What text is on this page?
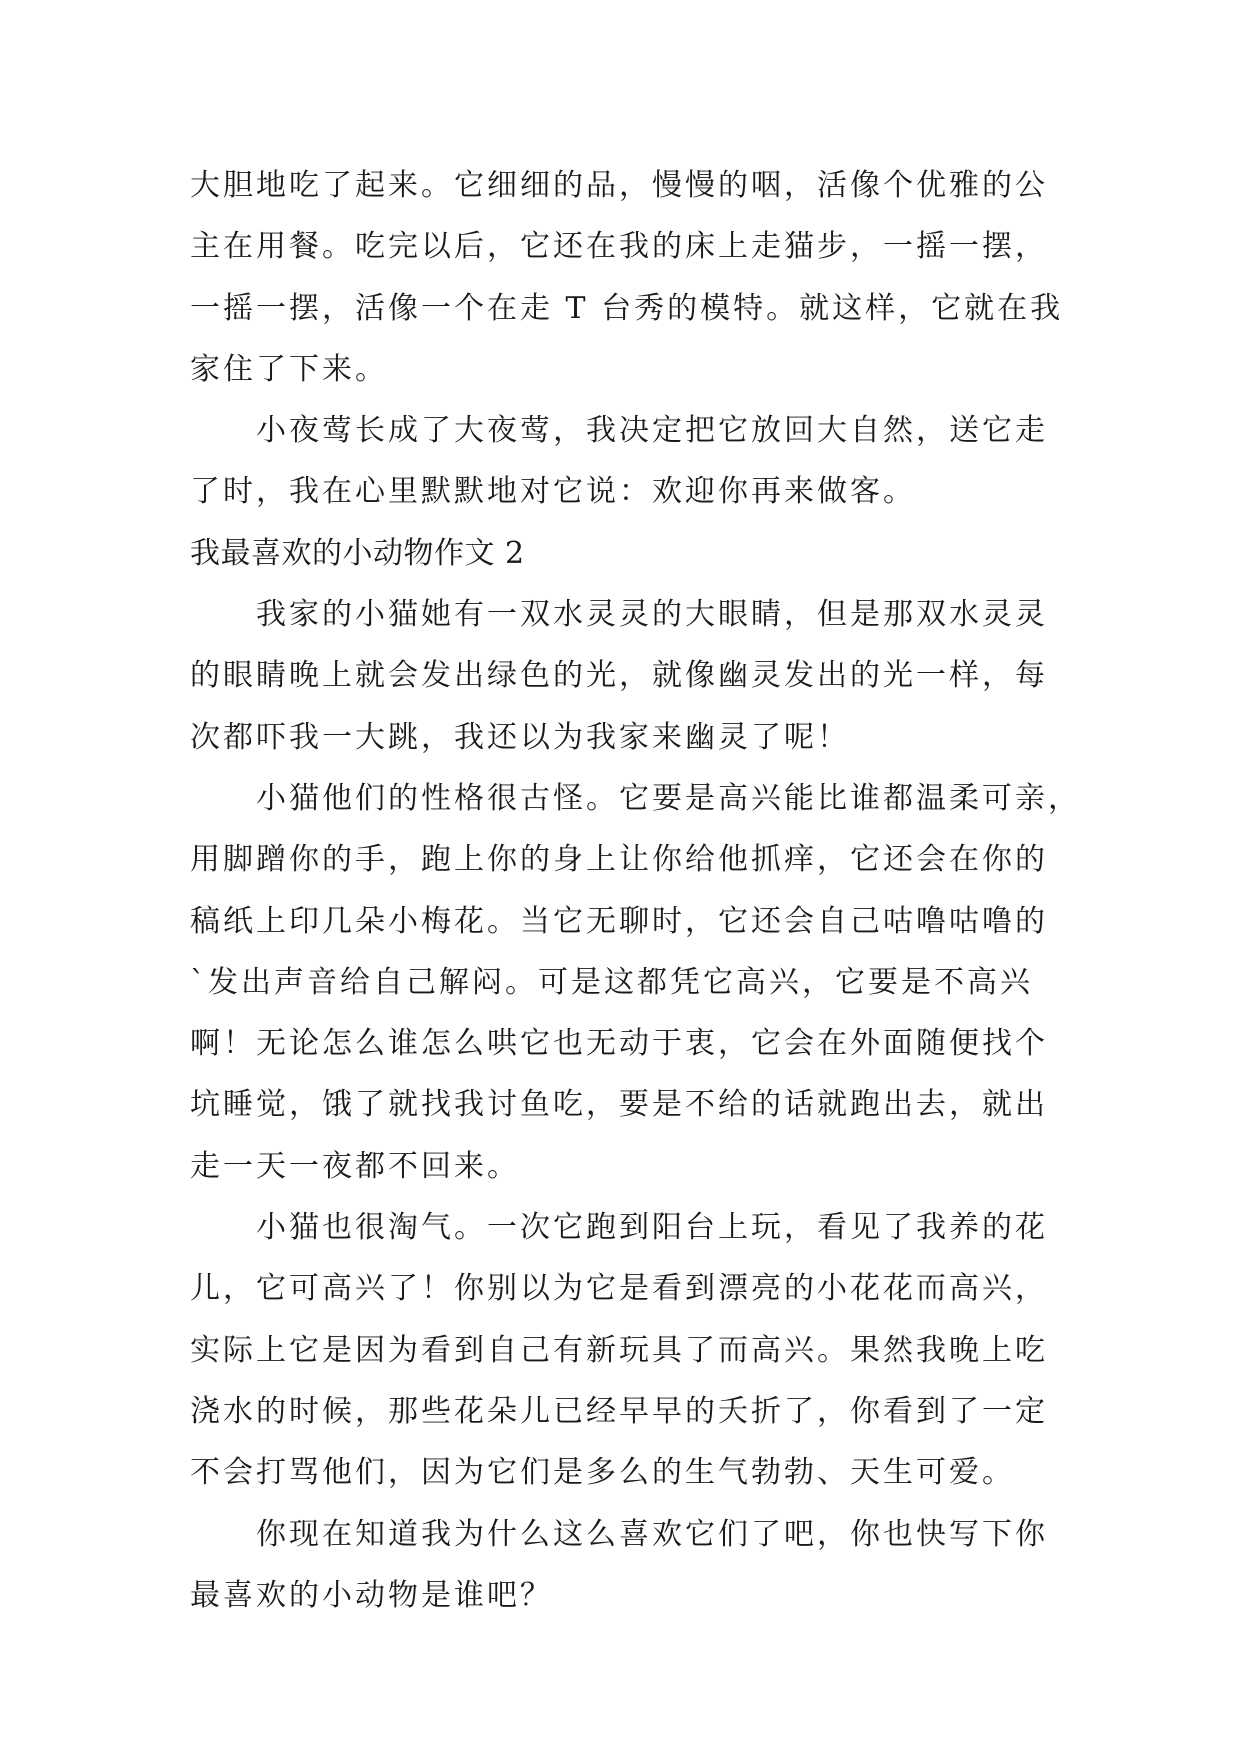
大胆地吃了起来。它细细的品，慢慢的咽，活像个优雅的公
主在用餐。吃完以后，它还在我的床上走猫步，一摇一摆，
一摇一摆，活像一个在走 T 台秀的模特。就这样，它就在我
家住了下来。
小夜莺长成了大夜莺，我决定把它放回大自然，送它走
了时，我在心里默默地对它说：欢迎你再来做客。
我最喜欢的小动物作文 2
我家的小猫她有一双水灵灵的大眼睛，但是那双水灵灵
的眼睛晚上就会发出绿色的光，就像幽灵发出的光一样，每
次都吓我一大跳，我还以为我家来幽灵了呢！
小猫他们的性格很古怪。它要是高兴能比谁都温柔可亲，
用脚蹭你的手，跑上你的身上让你给他抓痒，它还会在你的
稿纸上印几朵小梅花。当它无聊时，它还会自己咕噜咕噜的
`发出声音给自己解闷。可是这都凭它高兴，它要是不高兴
啊！无论怎么谁怎么哄它也无动于衷，它会在外面随便找个
坑睡觉，饿了就找我讨鱼吃，要是不给的话就跑出去，就出
走一天一夜都不回来。
小猫也很淘气。一次它跑到阳台上玩，看见了我养的花
儿，它可高兴了！你别以为它是看到漂亮的小花花而高兴，
实际上它是因为看到自己有新玩具了而高兴。果然我晚上吃
浇水的时候，那些花朵儿已经早早的夭折了，你看到了一定
不会打骂他们，因为它们是多么的生气勃勃、天生可爱。
你现在知道我为什么这么喜欢它们了吧，你也快写下你
最喜欢的小动物是谁吧？
